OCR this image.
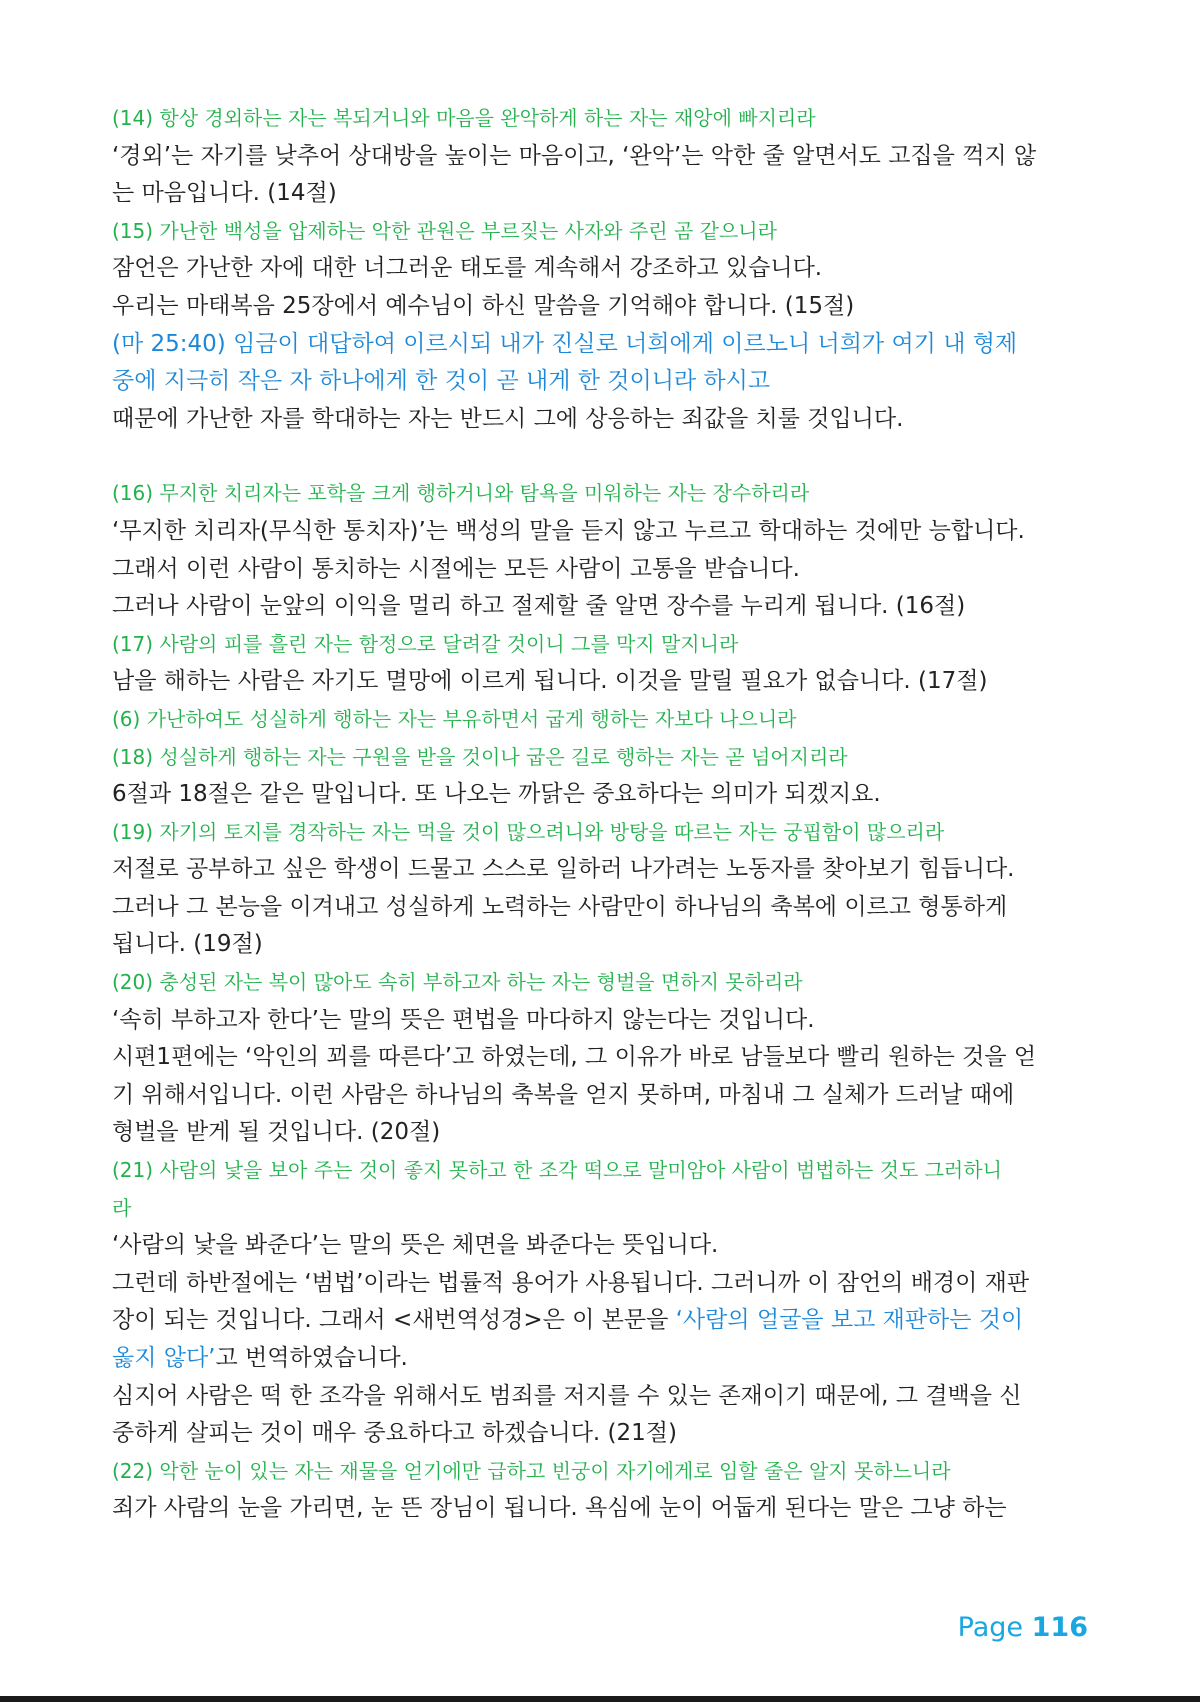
(14) 항상 경외하는 자는 복되거니와 마음을 완악하게 하는 자는 재앙에 빠지리라
‘경외’는 자기를 낮추어 상대방을 높이는 마음이고, ‘완악’는 악한 줄 알면서도 고집을 꺽지 않
는 마음입니다. (14절)
(15) 가난한 백성을 압제하는 악한 관원은 부르짖는 사자와 주린 곰 같으니라
잠언은 가난한 자에 대한 너그러운 태도를 계속해서 강조하고 있습니다.
우리는 마태복음 25장에서 예수님이 하신 말씀을 기억해야 합니다. (15절)
(마 25:40) 임금이 대답하여 이르시되 내가 진실로 너희에게 이르노니 너희가 여기 내 형제
중에 지극히 작은 자 하나에게 한 것이 곧 내게 한 것이니라 하시고
때문에 가난한 자를 학대하는 자는 반드시 그에 상응하는 죄값을 치룰 것입니다.
(16) 무지한 치리자는 포학을 크게 행하거니와 탐욕을 미워하는 자는 장수하리라
‘무지한 치리자(무식한 통치자)’는 백성의 말을 듣지 않고 누르고 학대하는 것에만 능합니다.
그래서 이런 사람이 통치하는 시절에는 모든 사람이 고통을 받습니다.
그러나 사람이 눈앞의 이익을 멀리 하고 절제할 줄 알면 장수를 누리게 됩니다. (16절)
(17) 사람의 피를 흘린 자는 함정으로 달려갈 것이니 그를 막지 말지니라
남을 해하는 사람은 자기도 멸망에 이르게 됩니다. 이것을 말릴 필요가 없습니다. (17절)
(6) 가난하여도 성실하게 행하는 자는 부유하면서 굽게 행하는 자보다 나으니라
(18) 성실하게 행하는 자는 구원을 받을 것이나 굽은 길로 행하는 자는 곧 넘어지리라
6절과 18절은 같은 말입니다. 또 나오는 까닭은 중요하다는 의미가 되겠지요.
(19) 자기의 토지를 경작하는 자는 먹을 것이 많으려니와 방탕을 따르는 자는 궁핍함이 많으리라
저절로 공부하고 싶은 학생이 드물고 스스로 일하러 나가려는 노동자를 찾아보기 힘듭니다.
그러나 그 본능을 이겨내고 성실하게 노력하는 사람만이 하나님의 축복에 이르고 형통하게
됩니다. (19절)
(20) 충성된 자는 복이 많아도 속히 부하고자 하는 자는 형벌을 면하지 못하리라
‘속히 부하고자 한다’는 말의 뜻은 편법을 마다하지 않는다는 것입니다.
시편1편에는 ‘악인의 꾀를 따른다’고 하였는데, 그 이유가 바로 남들보다 빨리 원하는 것을 얻
기 위해서입니다. 이런 사람은 하나님의 축복을 얻지 못하며, 마침내 그 실체가 드러날 때에
형벌을 받게 될 것입니다. (20절)
(21) 사람의 낯을 보아 주는 것이 좋지 못하고 한 조각 떡으로 말미암아 사람이 범법하는 것도 그러하니
라
‘사람의 낯을 봐준다’는 말의 뜻은 체면을 봐준다는 뜻입니다.
그런데 하반절에는 ‘범법’이라는 법률적 용어가 사용됩니다. 그러니까 이 잠언의 배경이 재판
장이 되는 것입니다. 그래서 <새번역성경>은 이 본문을 ‘사람의 얼굴을 보고 재판하는 것이
옳지 않다’고 번역하였습니다.
심지어 사람은 떡 한 조각을 위해서도 범죄를 저지를 수 있는 존재이기 때문에, 그 결백을 신
중하게 살피는 것이 매우 중요하다고 하겠습니다. (21절)
(22) 악한 눈이 있는 자는 재물을 얻기에만 급하고 빈궁이 자기에게로 임할 줄은 알지 못하느니라
죄가 사람의 눈을 가리면, 눈 뜬 장님이 됩니다. 욕심에 눈이 어둡게 된다는 말은 그냥 하는
Page 116
